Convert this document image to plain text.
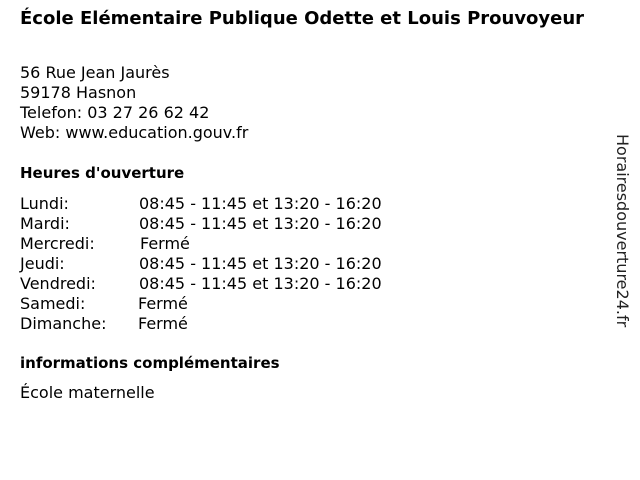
École Elémentaire Publique Odette et Louis Prouvoyeur
56 Rue Jean Jaurès
59178 Hasnon
Telefon: 03 27 26 62 42
Web: www.education.gouv.fr
Heures d'ouverture
Lundi:	08:45 - 11:45 et 13:20 - 16:20
Mardi:	08:45 - 11:45 et 13:20 - 16:20
Mercredi:	Fermé
Jeudi:	08:45 - 11:45 et 13:20 - 16:20
Vendredi:	08:45 - 11:45 et 13:20 - 16:20
Samedi:	Fermé
Dimanche: Fermé
informations complémentaires
École maternelle
Horairesdouverture24.fr
